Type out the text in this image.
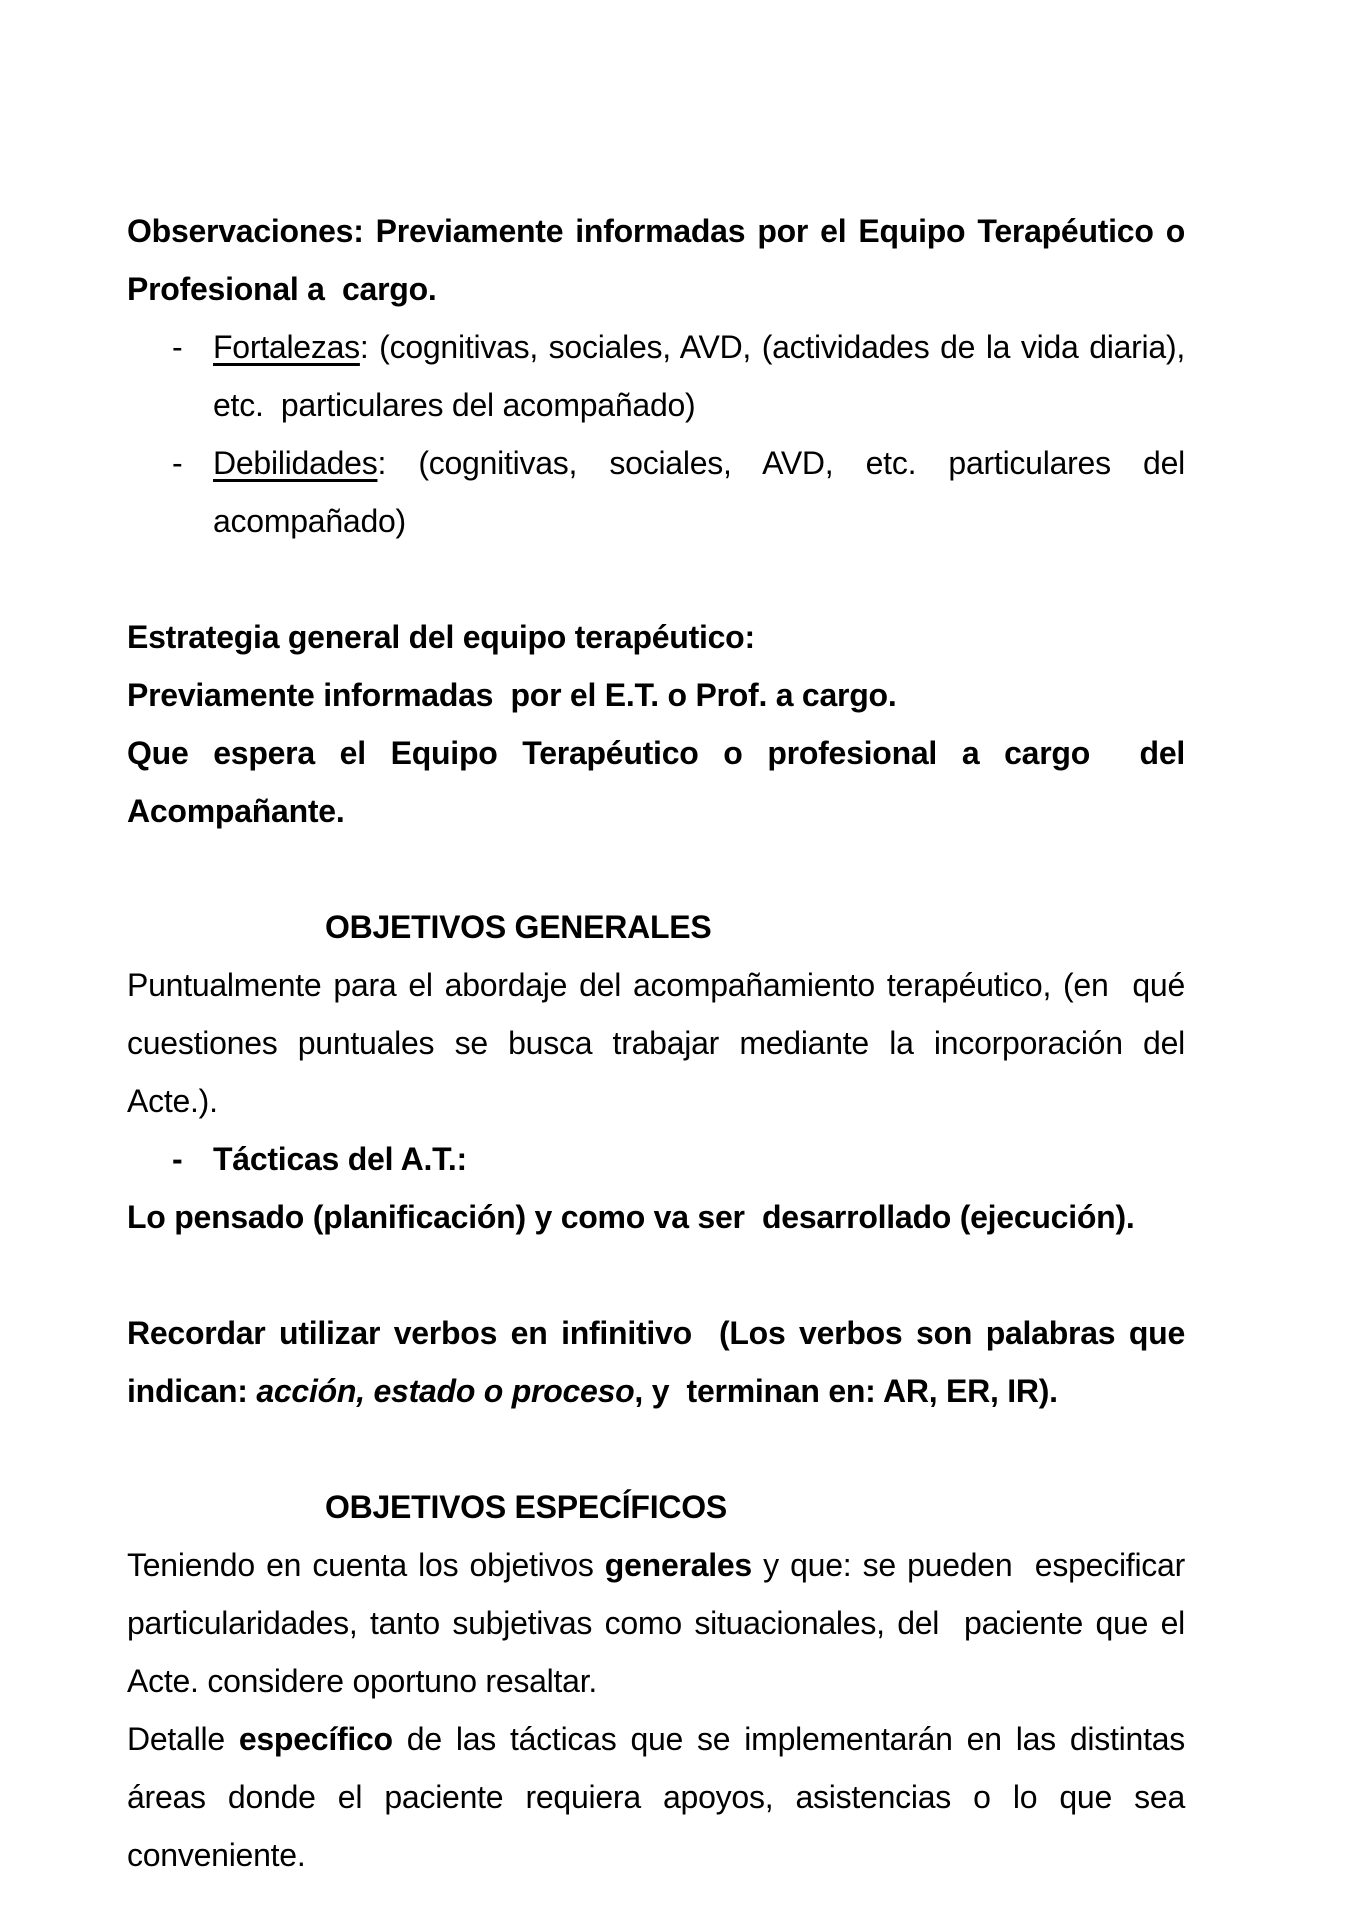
Observaciones: Previamente informadas por el Equipo Terapéutico o
Profesional a  cargo.
- Fortalezas: (cognitivas, sociales, AVD, (actividades de la vida diaria),
etc.  particulares del acompañado)
- Debilidades: (cognitivas, sociales, AVD, etc. particulares del
acompañado)
Estrategia general del equipo terapéutico:
Previamente informadas  por el E.T. o Prof. a cargo.
Que espera el Equipo Terapéutico o profesional a cargo  del
Acompañante.
OBJETIVOS GENERALES
Puntualmente para el abordaje del acompañamiento terapéutico, (en  qué
cuestiones puntuales se busca trabajar mediante la incorporación del
Acte.).
- Tácticas del A.T.:
Lo pensado (planificación) y como va ser  desarrollado (ejecución).
Recordar utilizar verbos en infinitivo  (Los verbos son palabras que
indican: acción, estado o proceso, y  terminan en: AR, ER, IR).
OBJETIVOS ESPECÍFICOS
Teniendo en cuenta los objetivos generales y que: se pueden  especificar
particularidades, tanto subjetivas como situacionales, del  paciente que el
Acte. considere oportuno resaltar.
Detalle específico de las tácticas que se implementarán en las distintas
áreas donde el paciente requiera apoyos, asistencias o lo que sea
conveniente.
